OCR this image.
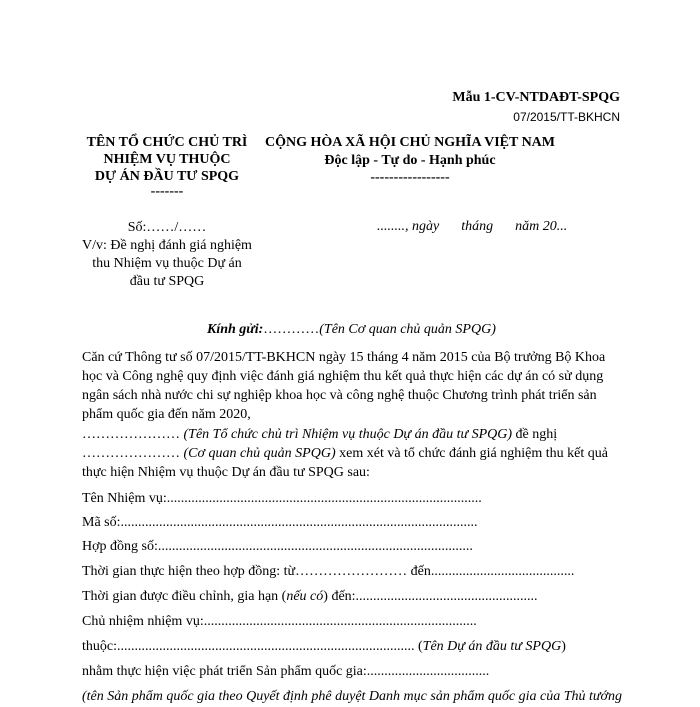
Mẫu 1-CV-NTDAĐT-SPQG
07/2015/TT-BKHCN
TÊN TỔ CHỨC CHỦ TRÌ
NHIỆM VỤ THUỘC
DỰ ÁN ĐẦU TƯ SPQG
-------
CỘNG HÒA XÃ HỘI CHỦ NGHĨA VIỆT NAM
Độc lập - Tự do - Hạnh phúc
-----------------
Số:……/……
V/v: Đề nghị đánh giá nghiệm
thu Nhiệm vụ thuộc Dự án
đầu tư SPQG
........, ngày tháng năm 20...
Kính gửi:…………(Tên Cơ quan chủ quản SPQG)
Căn cứ Thông tư số 07/2015/TT-BKHCN ngày 15 tháng 4 năm 2015 của Bộ trưởng Bộ Khoa học và Công nghệ quy định việc đánh giá nghiệm thu kết quả thực hiện các dự án có sử dụng ngân sách nhà nước chi sự nghiệp khoa học và công nghệ thuộc Chương trình phát triển sản phẩm quốc gia đến năm 2020,
………………… (Tên Tổ chức chủ trì Nhiệm vụ thuộc Dự án đầu tư SPQG) đề nghị
………………… (Cơ quan chủ quản SPQG) xem xét và tổ chức đánh giá nghiệm thu kết quả
thực hiện Nhiệm vụ thuộc Dự án đầu tư SPQG sau:
Tên Nhiệm vụ:..........................................................................................
Mã số:......................................................................................................
Hợp đồng số:..........................................................................................
Thời gian thực hiện theo hợp đồng: từ…………………… đến.........................................
Thời gian được điều chỉnh, gia hạn (nếu có) đến:....................................................
Chủ nhiệm nhiệm vụ:..............................................................................
thuộc:..................................................................................... (Tên Dự án đầu tư SPQG)
nhằm thực hiện việc phát triển Sản phẩm quốc gia:...................................
(tên Sản phẩm quốc gia theo Quyết định phê duyệt Danh mục sản phẩm quốc gia của Thủ tướng
